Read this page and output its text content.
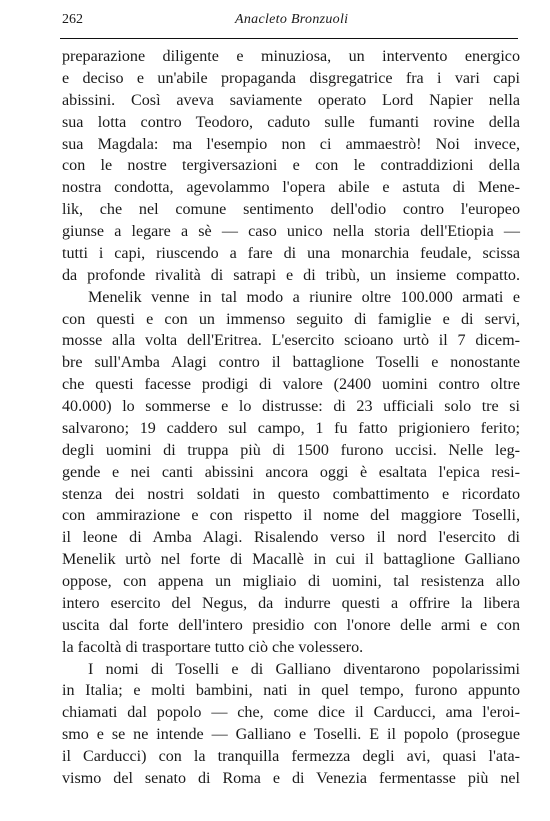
262	Anacleto Bronzuoli
preparazione diligente e minuziosa, un intervento energico
e deciso e un'abile propaganda disgregatrice fra i vari capi
abissini. Così aveva saviamente operato Lord Napier nella
sua lotta contro Teodoro, caduto sulle fumanti rovine della
sua Magdala: ma l'esempio non ci ammaestrò! Noi invece,
con le nostre tergiversazioni e con le contraddizioni della
nostra condotta, agevolammo l'opera abile e astuta di Mene-
lik, che nel comune sentimento dell'odio contro l'europeo
giunse a legare a sè — caso unico nella storia dell'Etiopia —
tutti i capi, riuscendo a fare di una monarchia feudale, scissa
da profonde rivalità di satrapi e di tribù, un insieme compatto.
Menelik venne in tal modo a riunire oltre 100.000 armati e
con questi e con un immenso seguito di famiglie e di servi,
mosse alla volta dell'Eritrea. L'esercito scioano urtò il 7 dicem-
bre sull'Amba Alagi contro il battaglione Toselli e nonostante
che questi facesse prodigi di valore (2400 uomini contro oltre
40.000) lo sommerse e lo distrusse: di 23 ufficiali solo tre si
salvarono; 19 caddero sul campo, 1 fu fatto prigioniero ferito;
degli uomini di truppa più di 1500 furono uccisi. Nelle leg-
gende e nei canti abissini ancora oggi è esaltata l'epica resi-
stenza dei nostri soldati in questo combattimento e ricordato
con ammirazione e con rispetto il nome del maggiore Toselli,
il leone di Amba Alagi. Risalendo verso il nord l'esercito di
Menelik urtò nel forte di Macallè in cui il battaglione Galliano
oppose, con appena un migliaio di uomini, tal resistenza allo
intero esercito del Negus, da indurre questi a offrire la libera
uscita dal forte dell'intero presidio con l'onore delle armi e con
la facoltà di trasportare tutto ciò che volessero.
I nomi di Toselli e di Galliano diventarono popolarissimi
in Italia; e molti bambini, nati in quel tempo, furono appunto
chiamati dal popolo — che, come dice il Carducci, ama l'eroi-
smo e se ne intende — Galliano e Toselli. E il popolo (prosegue
il Carducci) con la tranquilla fermezza degli avi, quasi l'ata-
vismo del senato di Roma e di Venezia fermentasse più nel
